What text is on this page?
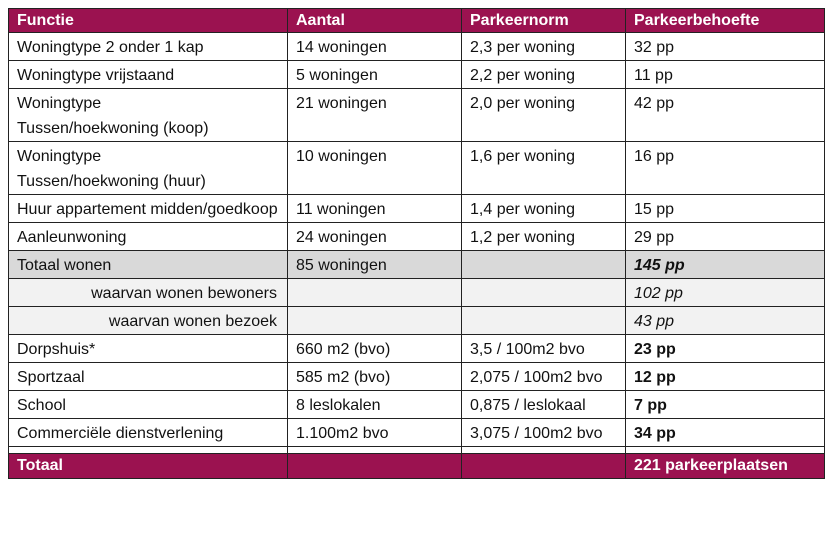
Functie	Aantal	Parkeernorm	Parkeerbehoefte
Woningtype 2 onder 1 kap	14 woningen	2,3 per woning	32 pp
Woningtype vrijstaand	5 woningen	2,2 per woning	11 pp
Woningtype
Tussen/hoekwoning (koop)	21 woningen	2,0 per woning	42 pp
Woningtype
Tussen/hoekwoning (huur)	10 woningen	1,6 per woning	16 pp
Huur appartement midden/goedkoop	11 woningen	1,4 per woning	15 pp
Aanleunwoning	24 woningen	1,2 per woning	29 pp
Totaal wonen	85 woningen		145 pp
waarvan wonen bewoners			102 pp
waarvan wonen bezoek			43 pp
Dorpshuis*	660 m2 (bvo)	3,5 / 100m2 bvo	23 pp
Sportzaal	585 m2 (bvo)	2,075 / 100m2 bvo	12 pp
School	8 leslokalen	0,875 / leslokaal	7 pp
Commerciële dienstverlening	1.100m2 bvo	3,075 / 100m2 bvo	34 pp

Totaal			221 parkeerplaatsen
